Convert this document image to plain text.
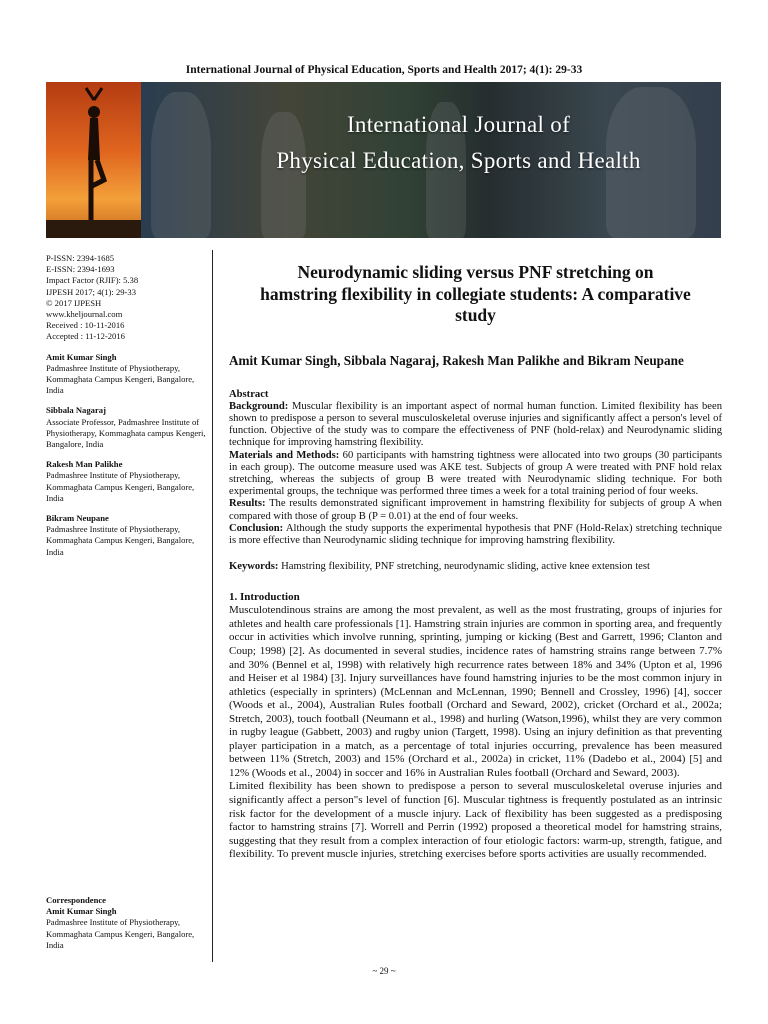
International Journal of Physical Education, Sports and Health 2017; 4(1): 29-33
International Journal of
Physical Education, Sports and Health
P-ISSN: 2394-1685
E-ISSN: 2394-1693
Impact Factor (RJIF): 5.38
IJPESH 2017; 4(1): 29-33
© 2017 IJPESH
www.kheljournal.com
Received : 10-11-2016
Accepted : 11-12-2016
Amit Kumar Singh
Padmashree Institute of Physiotherapy, Kommaghata Campus Kengeri, Bangalore, India
Sibbala Nagaraj
Associate Professor, Padmashree Institute of Physiotherapy, Kommaghata campus Kengeri, Bangalore, India
Rakesh Man Palikhe
Padmashree Institute of Physiotherapy, Kommaghata Campus Kengeri, Bangalore, India
Bikram Neupane
Padmashree Institute of Physiotherapy, Kommaghata Campus Kengeri, Bangalore, India
Correspondence
Amit Kumar Singh
Padmashree Institute of Physiotherapy, Kommaghata Campus Kengeri, Bangalore, India
Neurodynamic sliding versus PNF stretching on hamstring flexibility in collegiate students: A comparative study
Amit Kumar Singh, Sibbala Nagaraj, Rakesh Man Palikhe and Bikram Neupane

Abstract

Background: Muscular flexibility is an important aspect of normal human function. Limited flexibility has been shown to predispose a person to several musculoskeletal overuse injuries and significantly affect a person's level of function. Objective of the study was to compare the effectiveness of PNF (hold-relax) and Neurodynamic sliding technique for improving hamstring flexibility.

Materials and Methods: 60 participants with hamstring tightness were allocated into two groups (30 participants in each group). The outcome measure used was AKE test. Subjects of group A were treated with PNF hold relax stretching, whereas the subjects of group B were treated with Neurodynamic sliding technique. For both experimental groups, the technique was performed three times a week for a total training period of four weeks.

Results: The results demonstrated significant improvement in hamstring flexibility for subjects of group A when compared with those of group B (P = 0.01) at the end of four weeks.

Conclusion: Although the study supports the experimental hypothesis that PNF (Hold-Relax) stretching technique is more effective than Neurodynamic sliding technique for improving hamstring flexibility.

Keywords: Hamstring flexibility, PNF stretching, neurodynamic sliding, active knee extension test
1. Introduction

Musculotendinous strains are among the most prevalent, as well as the most frustrating, groups of injuries for athletes and health care professionals [1]. Hamstring strain injuries are common in sporting area, and frequently occur in activities which involve running, sprinting, jumping or kicking (Best and Garrett, 1996; Clanton and Coup; 1998) [2]. As documented in several studies, incidence rates of hamstring strains range between 7.7% and 30% (Bennel et al, 1998) with relatively high recurrence rates between 18% and 34% (Upton et al, 1996 and Heiser et al 1984) [3]. Injury surveillances have found hamstring injuries to be the most common injury in athletics (especially in sprinters) (McLennan and McLennan, 1990; Bennell and Crossley, 1996) [4], soccer (Woods et al., 2004), Australian Rules football (Orchard and Seward, 2002), cricket (Orchard et al., 2002a; Stretch, 2003), touch football (Neumann et al., 1998) and hurling (Watson,1996), whilst they are very common in rugby league (Gabbett, 2003) and rugby union (Targett, 1998). Using an injury definition as that preventing player participation in a match, as a percentage of total injuries occurring, prevalence has been measured between 11% (Stretch, 2003) and 15% (Orchard et al., 2002a) in cricket, 11% (Dadebo et al., 2004) [5] and 12% (Woods et al., 2004) in soccer and 16% in Australian Rules football (Orchard and Seward, 2003).

Limited flexibility has been shown to predispose a person to several musculoskeletal overuse injuries and significantly affect a person"s level of function [6]. Muscular tightness is frequently postulated as an intrinsic risk factor for the development of a muscle injury. Lack of flexibility has been suggested as a predisposing factor to hamstring strains [7]. Worrell and Perrin (1992) proposed a theoretical model for hamstring strains, suggesting that they result from a complex interaction of four etiologic factors: warm-up, strength, fatigue, and flexibility. To prevent muscle injuries, stretching exercises before sports activities are usually recommended.

~ 29 ~
